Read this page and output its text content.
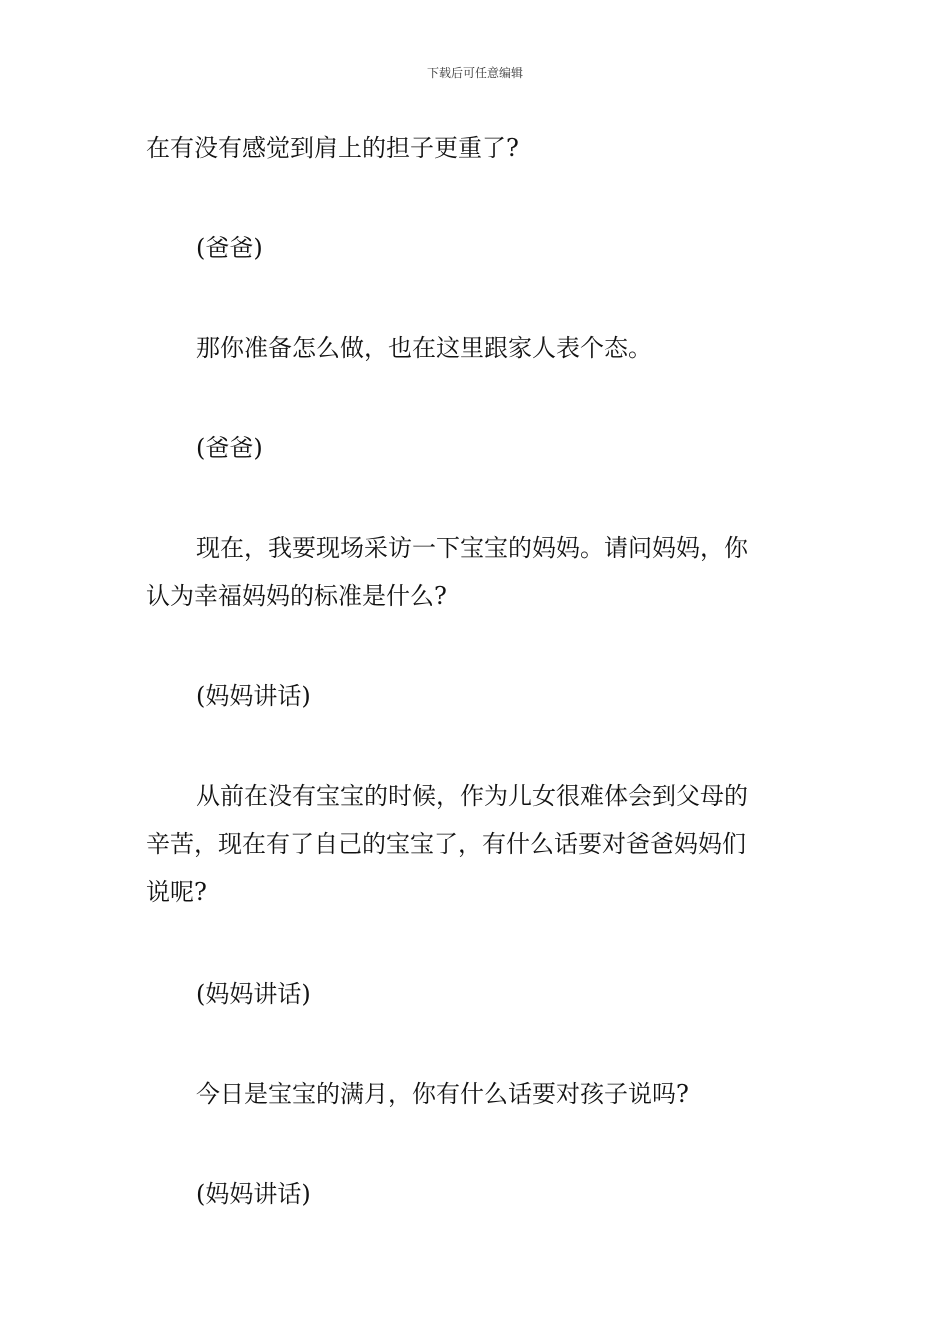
下载后可任意编辑

在有没有感觉到肩上的担子更重了?

(爸爸)
那你准备怎么做，也在这里跟家人表个态。
(爸爸)
现在，我要现场采访一下宝宝的妈妈。请问妈妈，你
认为幸福妈妈的标准是什么?
(妈妈讲话)
从前在没有宝宝的时候，作为儿女很难体会到父母的
辛苦，现在有了自己的宝宝了，有什么话要对爸爸妈妈们
说呢?
(妈妈讲话)
今日是宝宝的满月，你有什么话要对孩子说吗?
(妈妈讲话)
